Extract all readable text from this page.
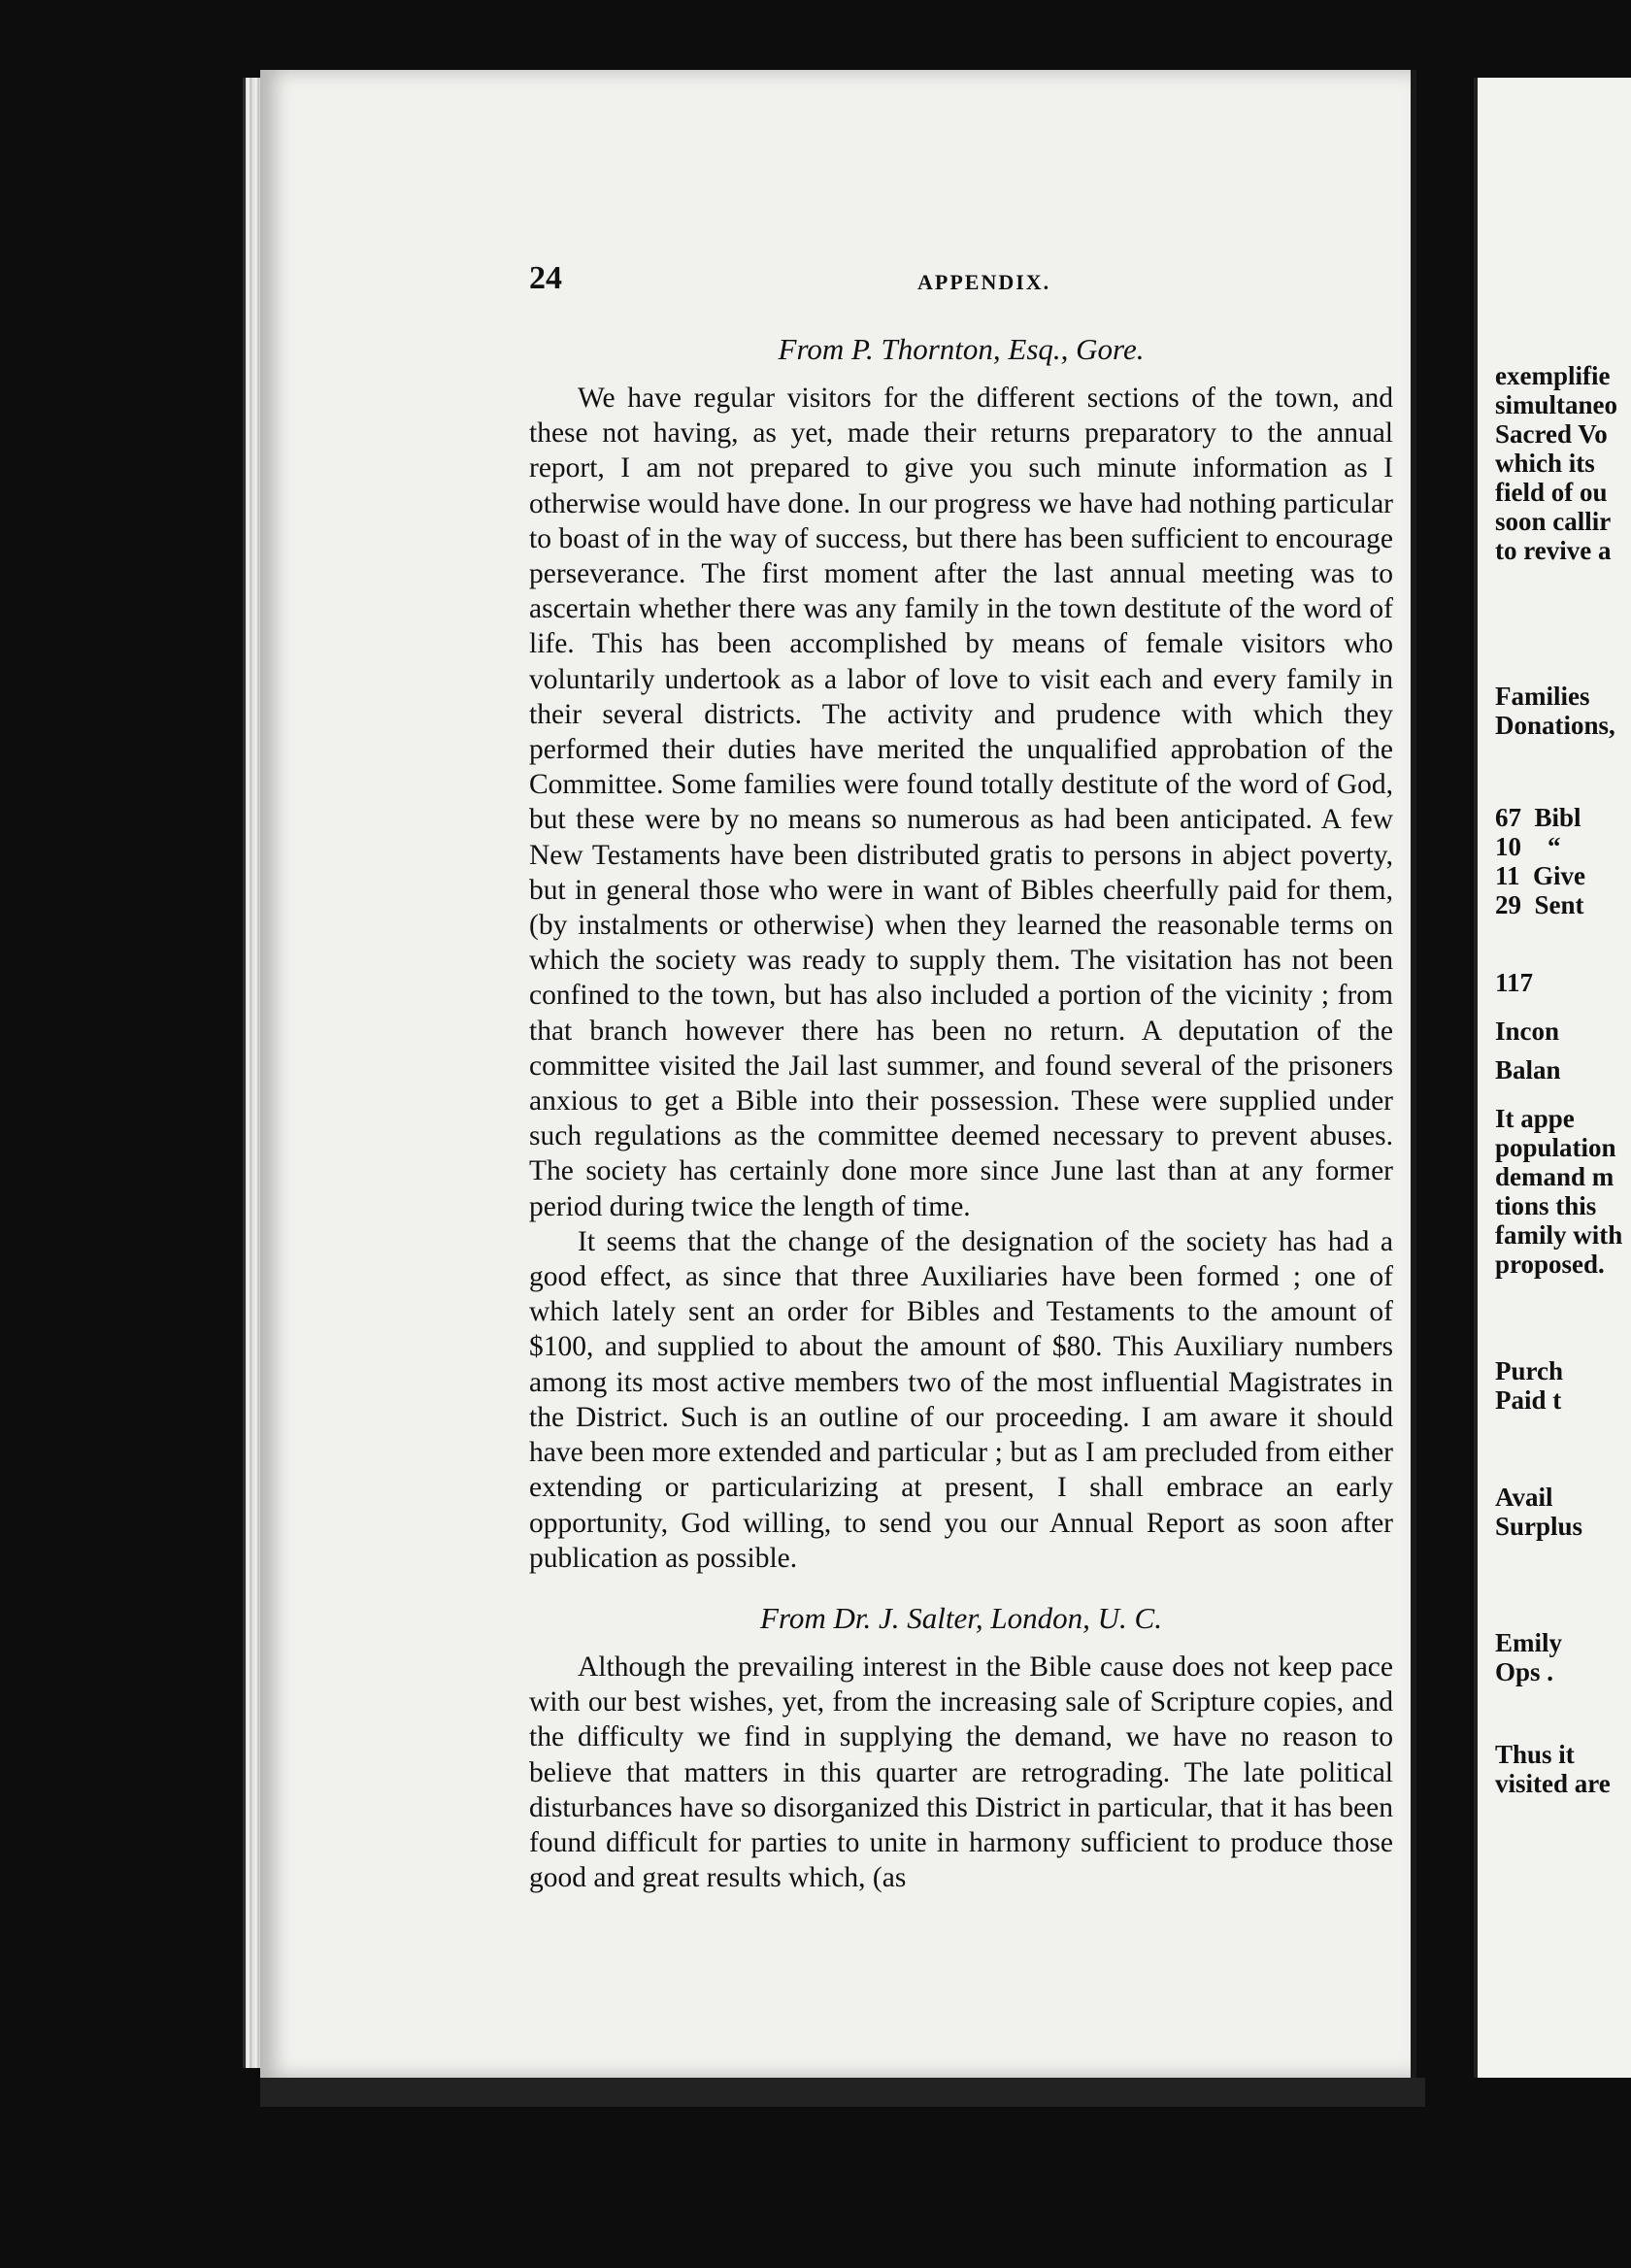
24	APPENDIX.
From P. Thornton, Esq., Gore.

We have regular visitors for the different sections of the town, and these not having, as yet, made their returns preparatory to the annual report, I am not prepared to give you such minute information as I otherwise would have done. In our progress we have had nothing particular to boast of in the way of success, but there has been sufficient to encourage perseverance. The first moment after the last annual meeting was to ascertain whether there was any family in the town destitute of the word of life. This has been accomplished by means of female visitors who voluntarily undertook as a labor of love to visit each and every family in their several districts. The activity and prudence with which they performed their duties have merited the unqualified approbation of the Committee. Some families were found totally destitute of the word of God, but these were by no means so numerous as had been anticipated. A few New Testaments have been distributed gratis to persons in abject poverty, but in general those who were in want of Bibles cheerfully paid for them, (by instalments or otherwise) when they learned the reasonable terms on which the society was ready to supply them. The visitation has not been confined to the town, but has also included a portion of the vicinity ; from that branch however there has been no return. A deputation of the committee visited the Jail last summer, and found several of the prisoners anxious to get a Bible into their possession. These were supplied under such regulations as the committee deemed necessary to prevent abuses. The society has certainly done more since June last than at any former period during twice the length of time.

It seems that the change of the designation of the society has had a good effect, as since that three Auxiliaries have been formed ; one of which lately sent an order for Bibles and Testaments to the amount of $100, and supplied to about the amount of $80. This Auxiliary numbers among its most active members two of the most influential Magistrates in the District. Such is an outline of our proceeding. I am aware it should have been more extended and particular ; but as I am precluded from either extending or particularizing at present, I shall embrace an early opportunity, God willing, to send you our Annual Report as soon after publication as possible.

From Dr. J. Salter, London, U. C.

Although the prevailing interest in the Bible cause does not keep pace with our best wishes, yet, from the increasing sale of Scripture copies, and the difficulty we find in supplying the demand, we have no reason to believe that matters in this quarter are retrograding. The late political disturbances have so disorganized this District in particular, that it has been found difficult for parties to unite in harmony sufficient to produce those good and great results which, (as

exemplifie
simultaneo
Sacred Vo
which its
field of ou
soon callir
to revive a
Families
Donations,
67  Bibl
10    “
11  Give
29  Sent
117
Incon
Balan
It appe
population
demand m
tions this
family with
proposed.
Purch
Paid t
Avail
Surplus
Emily
Ops .
Thus it
visited are
